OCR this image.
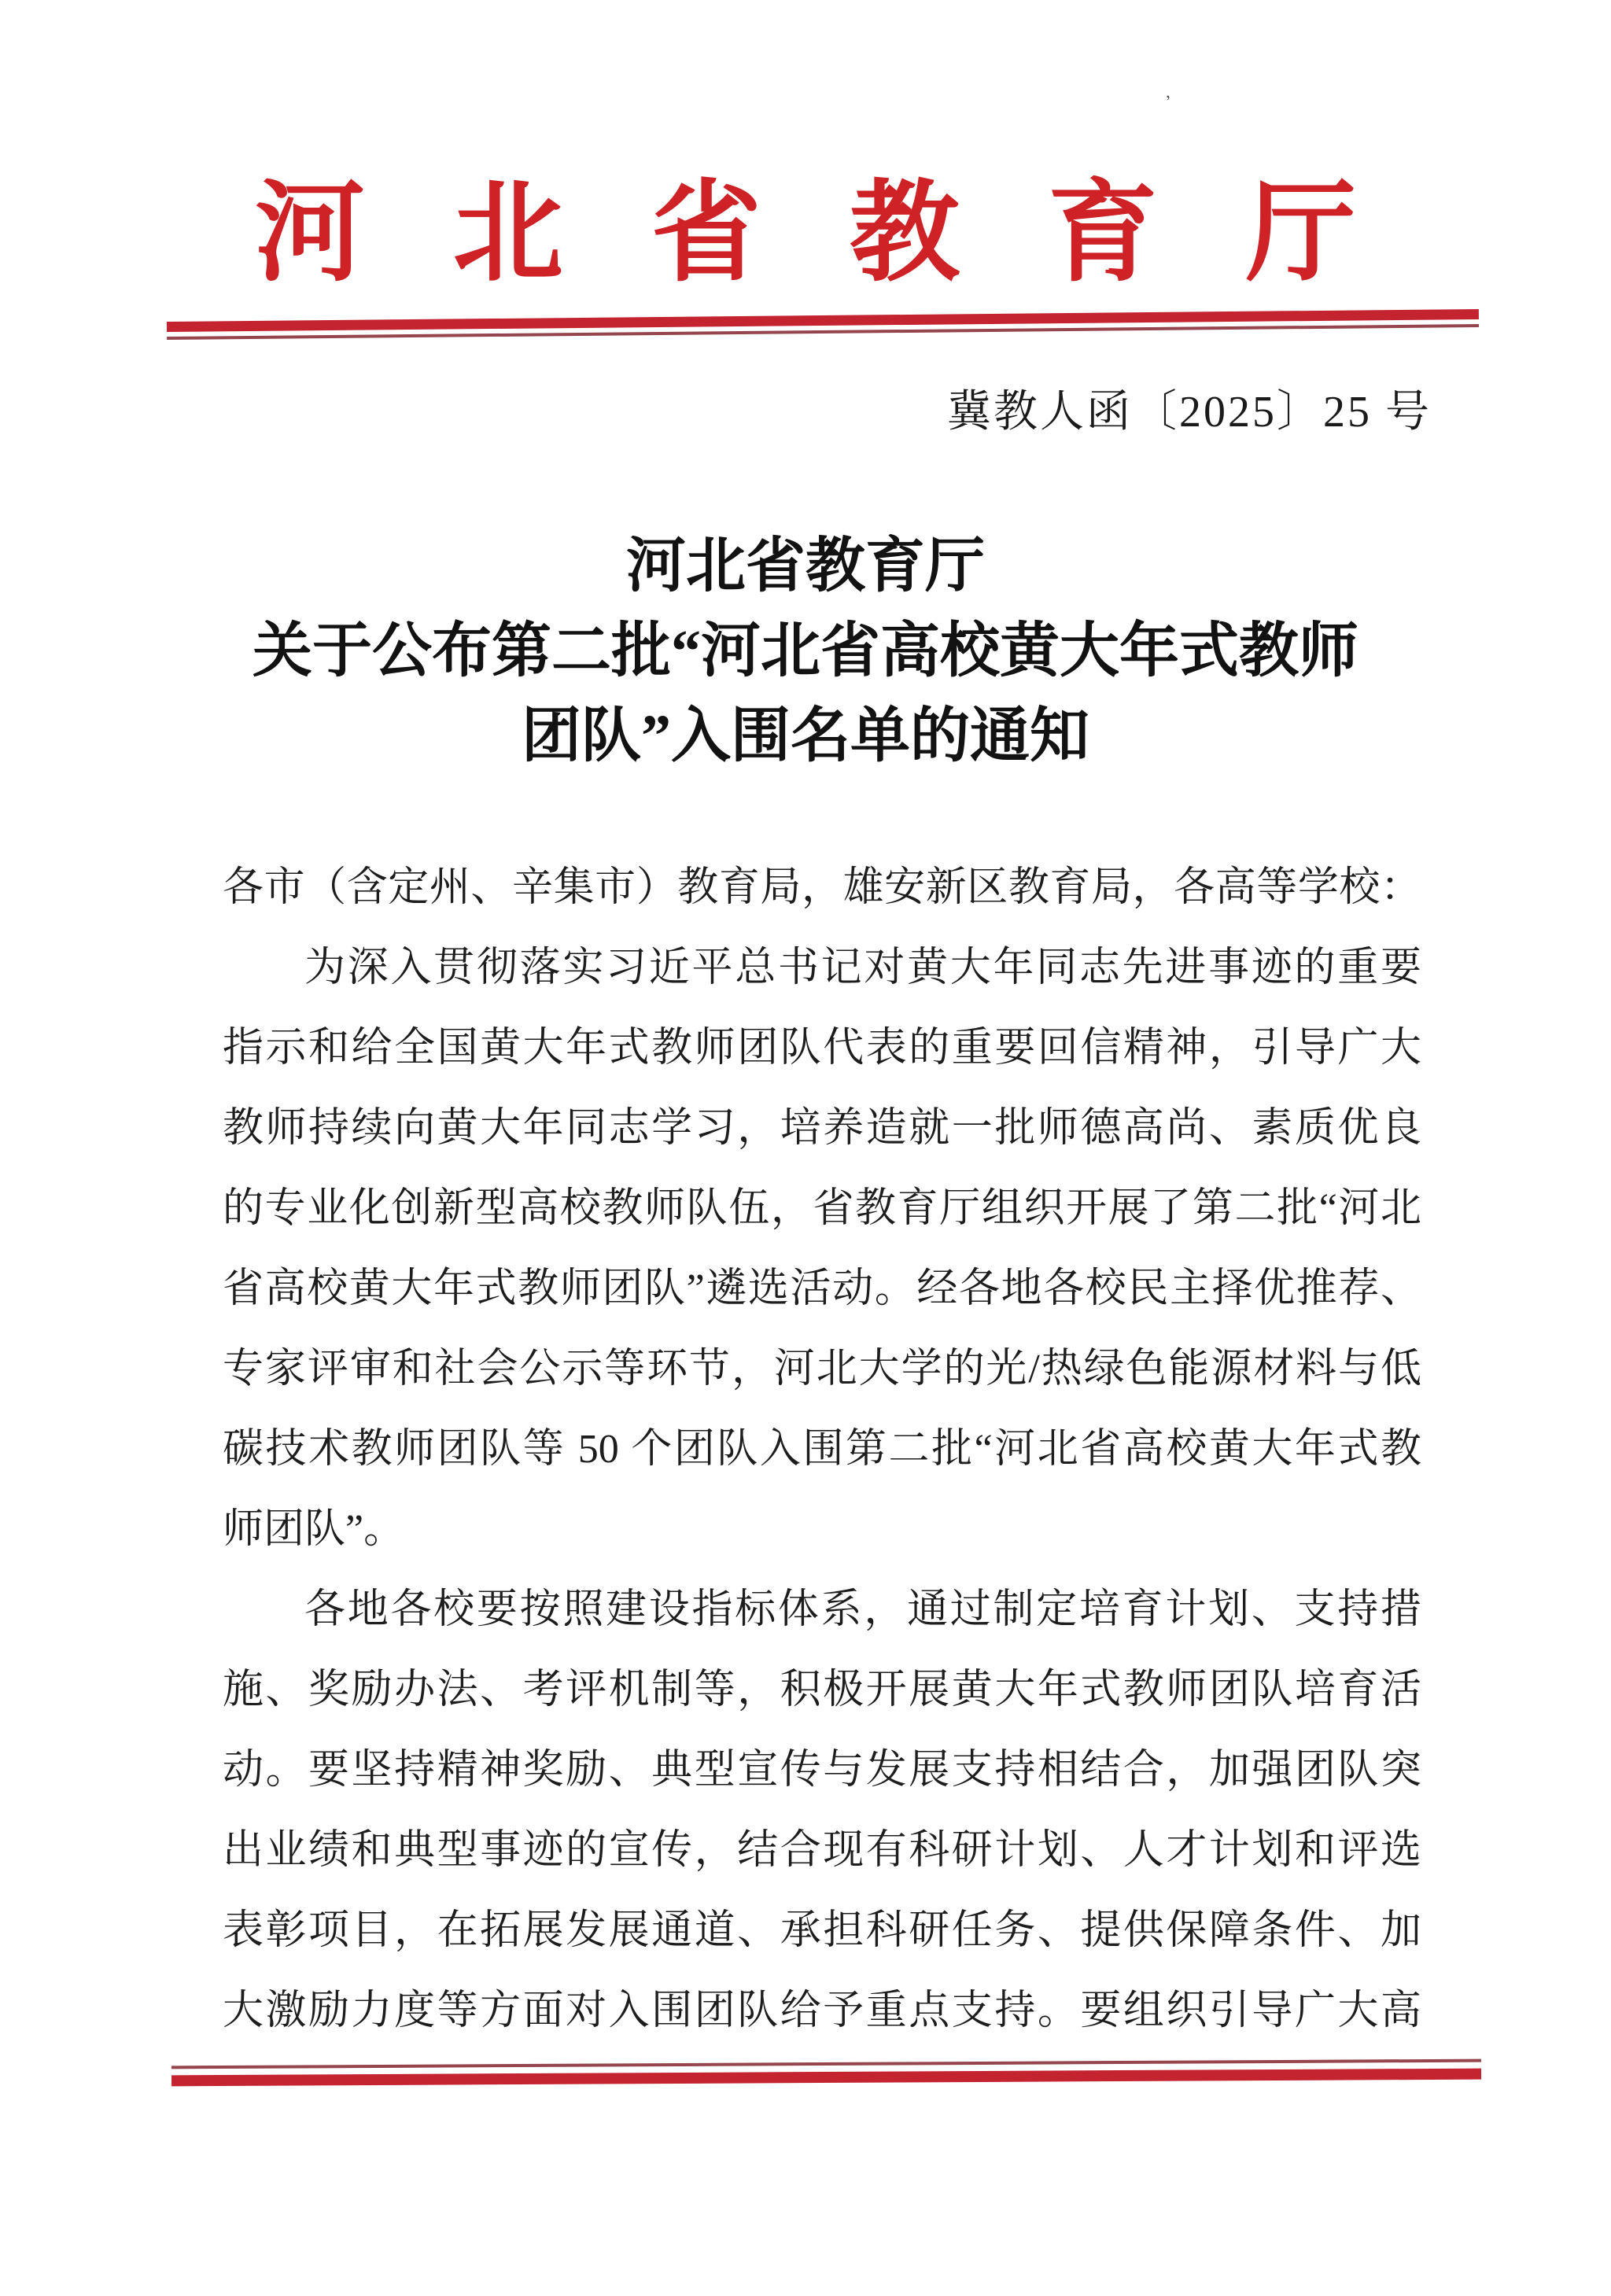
‚
河北省教育厅
冀教人函〔2025〕25 号
河北省教育厅
关于公布第二批“河北省高校黄大年式教师
团队”入围名单的通知
各市（含定州、辛集市）教育局，雄安新区教育局，各高等学校：
为深入贯彻落实习近平总书记对黄大年同志先进事迹的重要
指示和给全国黄大年式教师团队代表的重要回信精神，引导广大
教师持续向黄大年同志学习，培养造就一批师德高尚、素质优良
的专业化创新型高校教师队伍，省教育厅组织开展了第二批“河北
省高校黄大年式教师团队”遴选活动。经各地各校民主择优推荐、
专家评审和社会公示等环节，河北大学的光/热绿色能源材料与低
碳技术教师团队等 50 个团队入围第二批“河北省高校黄大年式教
师团队”。
各地各校要按照建设指标体系，通过制定培育计划、支持措
施、奖励办法、考评机制等，积极开展黄大年式教师团队培育活
动。要坚持精神奖励、典型宣传与发展支持相结合，加强团队突
出业绩和典型事迹的宣传，结合现有科研计划、人才计划和评选
表彰项目，在拓展发展通道、承担科研任务、提供保障条件、加
大激励力度等方面对入围团队给予重点支持。要组织引导广大高
